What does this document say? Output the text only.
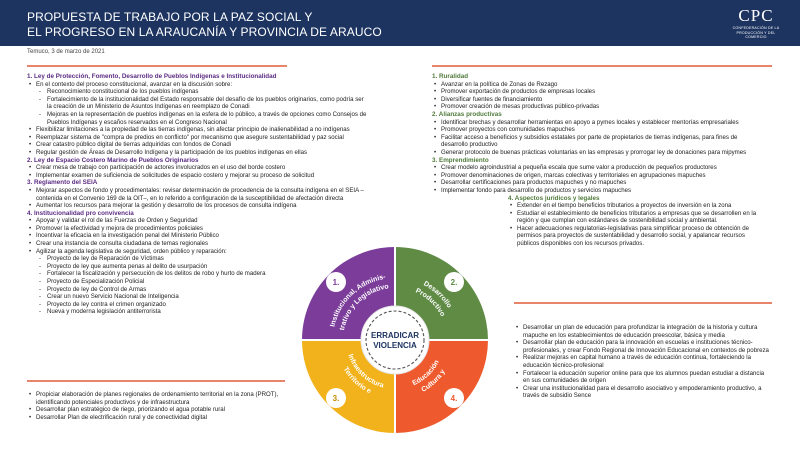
PROPUESTA DE TRABAJO POR LA PAZ SOCIAL Y
EL PROGRESO EN LA ARAUCANÍA Y PROVINCIA DE ARAUCO
CPC
CONFEDERACIÓN DE LA PRODUCCIÓN Y DEL COMERCIO
Temuco, 3 de marzo de 2021
1. Ley de Protección, Fomento, Desarrollo de Pueblos Indígenas e Institucionalidad
• En el contexto del proceso constitucional, avanzar en la discusión sobre:
- Reconocimiento constitucional de los pueblos indígenas
- Fortalecimiento de la institucionalidad del Estado responsable del desafío de los pueblos originarios, como podría ser la creación de un Ministerio de Asuntos Indígenas en reemplazo de Conadi
- Mejoras en la representación de pueblos indígenas en la esfera de lo público, a través de opciones como Consejos de Pueblos Indígenas y escaños reservados en el Congreso Nacional
• Flexibilizar limitaciones a la propiedad de las tierras indígenas, sin afectar principio de inalienabilidad a no indígenas
• Reemplazar sistema de "compra de predios en conflicto" por mecanismo que asegure sustentabilidad y paz social
• Crear catastro público digital de tierras adquiridas con fondos de Conadi
• Regular gestión de Áreas de Desarrollo Indígena y la participación de los pueblos indígenas en ellas
2. Ley de Espacio Costero Marino de Pueblos Originarios
• Crear mesa de trabajo con participación de actores involucrados en el uso del borde costero
• Implementar examen de suficiencia de solicitudes de espacio costero y mejorar su proceso de solicitud
3. Reglamento del SEIA
• Mejorar aspectos de fondo y procedimentales: revisar determinación de procedencia de la consulta indígena en el SEIA –contenida en el Convenio 169 de la OIT–, en lo referido a configuración de la susceptibilidad de afectación directa
• Aumentar los recursos para mejorar la gestión y desarrollo de los procesos de consulta indígena
4. Institucionalidad pro convivencia
• Apoyar y validar el rol de las Fuerzas de Orden y Seguridad
• Promover la efectividad y mejora de procedimientos policiales
• Incentivar la eficacia en la investigación penal del Ministerio Público
• Crear una instancia de consulta ciudadana de temas regionales
• Agilizar la agenda legislativa de seguridad, orden público y reparación:
- Proyecto de ley de Reparación de Víctimas
- Proyecto de ley que aumenta penas al delito de usurpación
- Fortalecer la fiscalización y persecución de los delitos de robo y hurto de madera
- Proyecto de Especialización Policial
- Proyecto de ley de Control de Armas
- Crear un nuevo Servicio Nacional de Inteligencia
- Proyecto de ley contra el crimen organizado
- Nueva y moderna legislación antiterrorista
1. Ruralidad
• Avanzar en la política de Zonas de Rezago
• Promover exportación de productos de empresas locales
• Diversificar fuentes de financiamiento
• Promover creación de mesas productivas público-privadas
2. Alianzas productivas
• Identificar brechas y desarrollar herramientas en apoyo a pymes locales y establecer mentorías empresariales
• Promover proyectos con comunidades mapuches
• Facilitar acceso a beneficios y subsidios estatales por parte de propietarios de tierras indígenas, para fines de desarrollo productivo
• Generar protocolo de buenas prácticas voluntarias en las empresas y prorrogar ley de donaciones para mipymes
3. Emprendimiento
• Crear modelo agroindustrial a pequeña escala que sume valor a producción de pequeños productores
• Promover denominaciones de origen, marcas colectivas y territoriales en agrupaciones mapuches
• Desarrollar certificaciones para productos mapuches y no mapuches
• Implementar fondo para desarrollo de productos y servicios mapuches
4. Aspectos jurídicos y legales
• Extender en el tiempo beneficios tributarios a proyectos de inversión en la zona
• Estudiar el establecimiento de beneficios tributarios a empresas que se desarrollen en la región y que cumplan con estándares de sostenibilidad social y ambiental.
• Hacer adecuaciones regulatorias-legislativas para simplificar proceso de obtención de permisos para proyectos de sustentabilidad y desarrollo social, y apalancar recursos públicos disponibles con los recursos privados.
• Desarrollar un plan de educación para profundizar la integración de la historia y cultura mapuche en los establecimientos de educación preescolar, básica y media
• Desarrollar plan de educación para la innovación en escuelas e instituciones técnico-profesionales, y crear Fondo Regional de Innovación Educacional en contextos de pobreza
• Realizar mejoras en capital humano a través de educación continua, fortaleciendo la educación técnico-profesional
• Fortalecer la educación superior online para que los alumnos puedan estudiar a distancia en sus comunidades de origen
• Crear una institucionalidad para el desarrollo asociativo y empoderamiento productivo, a través de subsidio Sence
• Propiciar elaboración de planes regionales de ordenamiento territorial en la zona (PROT), identificando potenciales productivos y de infraestructura
• Desarrollar plan estratégico de riego, priorizando el agua potable rural
• Desarrollar Plan de electrificación rural y de conectividad digital
ERRADICAR
VIOLENCIA
1.	2.
3.	4.
Institucional, Adminis-
trativo y Legislativo	Desarrollo
Productivo
Territorio e
Infraestructura	Cultura y
Educación
